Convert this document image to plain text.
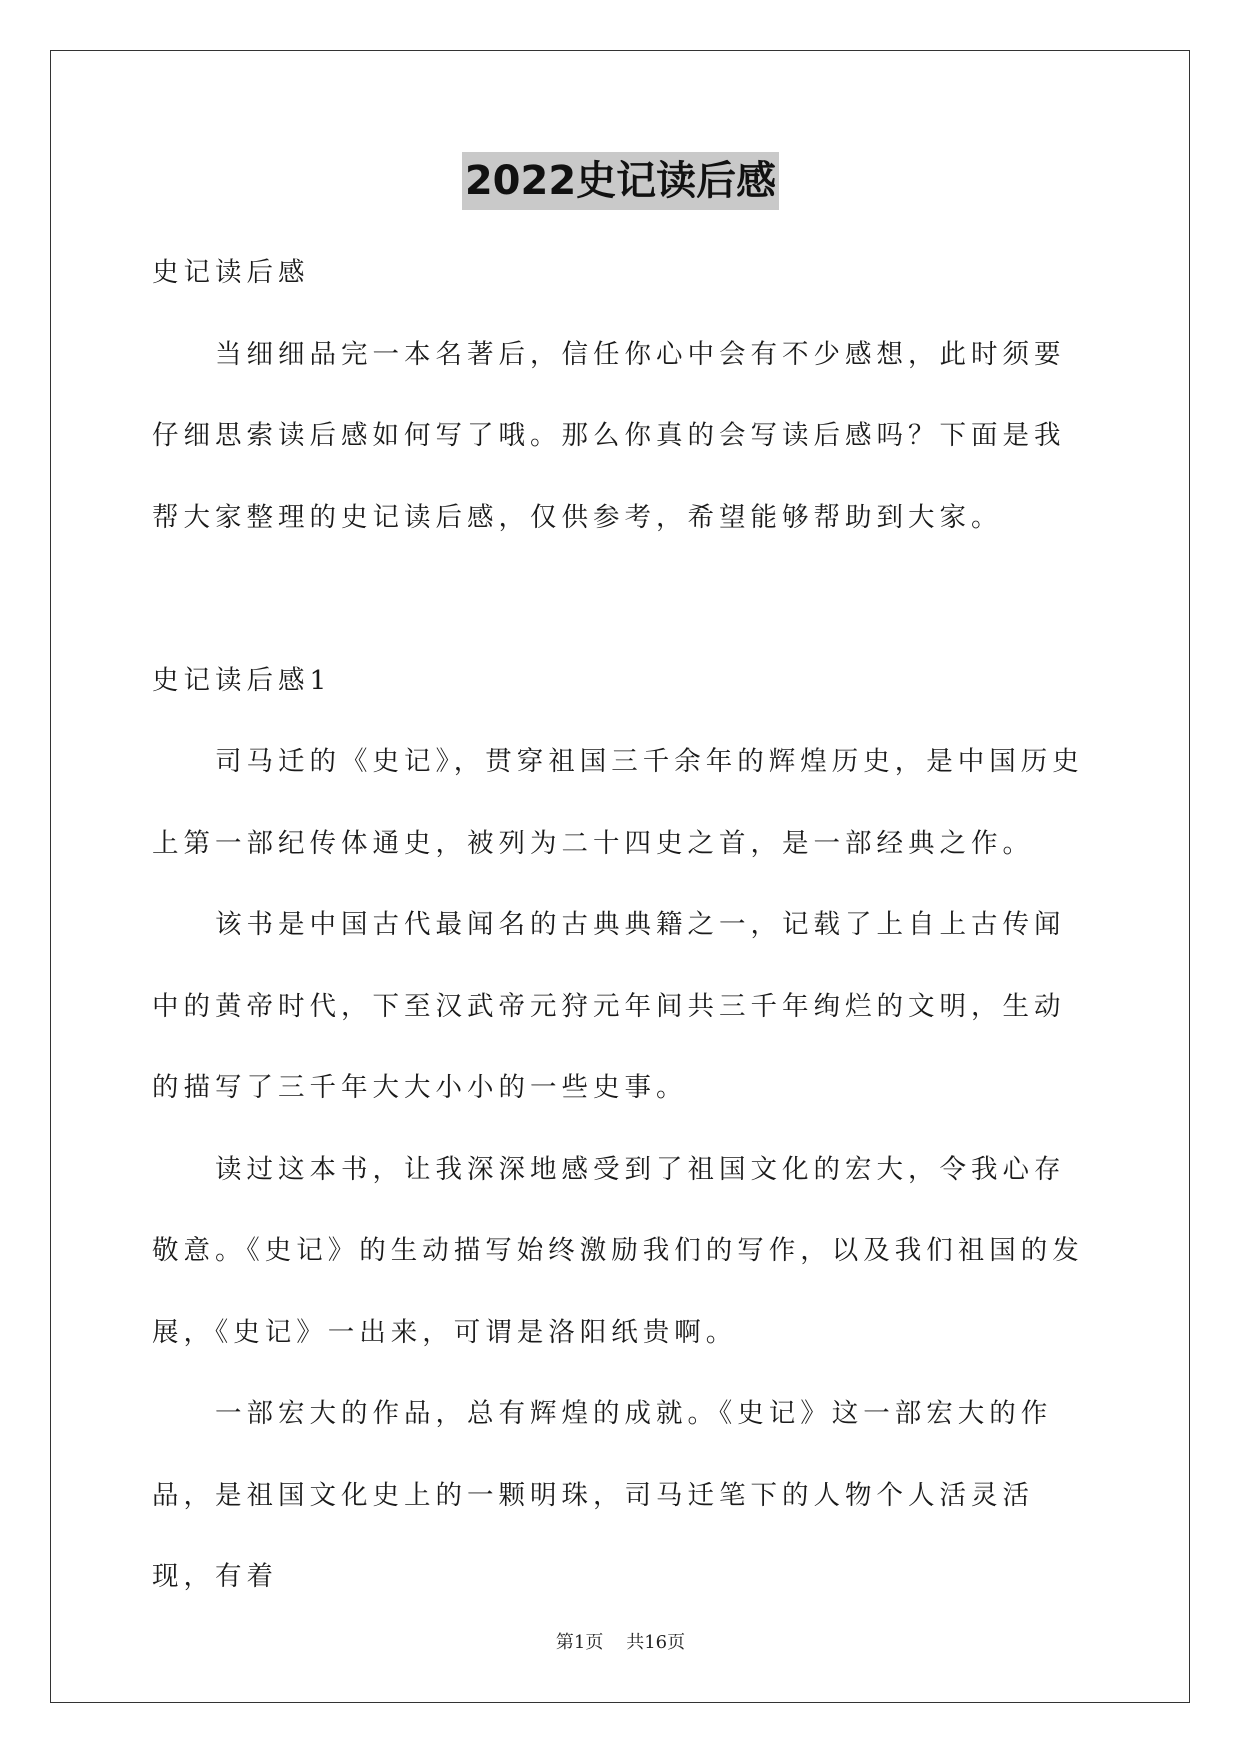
2022史记读后感

史记读后感

当细细品完一本名著后，信任你心中会有不少感想，此时须要仔细思索读后感如何写了哦。那么你真的会写读后感吗？下面是我帮大家整理的史记读后感，仅供参考，希望能够帮助到大家。

史记读后感1

司马迁的《史记》，贯穿祖国三千余年的辉煌历史，是中国历史上第一部纪传体通史，被列为二十四史之首，是一部经典之作。

该书是中国古代最闻名的古典典籍之一，记载了上自上古传闻中的黄帝时代，下至汉武帝元狩元年间共三千年绚烂的文明，生动的描写了三千年大大小小的一些史事。

读过这本书，让我深深地感受到了祖国文化的宏大，令我心存敬意。《史记》的生动描写始终激励我们的写作，以及我们祖国的发展，《史记》一出来，可谓是洛阳纸贵啊。

一部宏大的作品，总有辉煌的成就。《史记》这一部宏大的作品，是祖国文化史上的一颗明珠，司马迁笔下的人物个人活灵活现，有着

第1页 共16页
